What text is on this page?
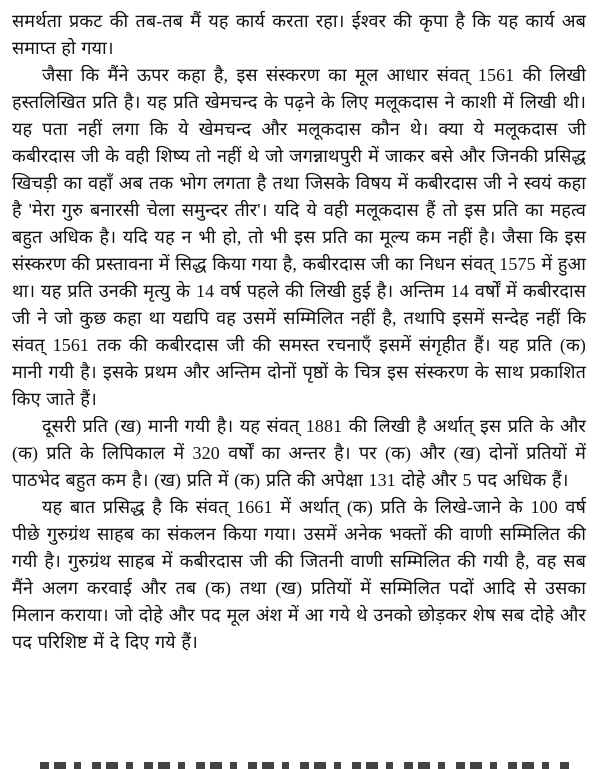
समर्थता प्रकट की तब-तब मैं यह कार्य करता रहा। ईश्वर की कृपा है कि यह कार्य अब समाप्त हो गया।

जैसा कि मैंने ऊपर कहा है, इस संस्करण का मूल आधार संवत् 1561 की लिखी हस्तलिखित प्रति है। यह प्रति खेमचन्द के पढ़ने के लिए मलूकदास ने काशी में लिखी थी। यह पता नहीं लगा कि ये खेमचन्द और मलूकदास कौन थे। क्या ये मलूकदास जी कबीरदास जी के वही शिष्य तो नहीं थे जो जगन्नाथपुरी में जाकर बसे और जिनकी प्रसिद्ध खिचड़ी का वहाँ अब तक भोग लगता है तथा जिसके विषय में कबीरदास जी ने स्वयं कहा है 'मेरा गुरु बनारसी चेला समुन्दर तीर'। यदि ये वही मलूकदास हैं तो इस प्रति का महत्व बहुत अधिक है। यदि यह न भी हो, तो भी इस प्रति का मूल्य कम नहीं है। जैसा कि इस संस्करण की प्रस्तावना में सिद्ध किया गया है, कबीरदास जी का निधन संवत् 1575 में हुआ था। यह प्रति उनकी मृत्यु के 14 वर्ष पहले की लिखी हुई है। अन्तिम 14 वर्षों में कबीरदास जी ने जो कुछ कहा था यद्यपि वह उसमें सम्मिलित नहीं है, तथापि इसमें सन्देह नहीं कि संवत् 1561 तक की कबीरदास जी की समस्त रचनाएँ इसमें संगृहीत हैं। यह प्रति (क) मानी गयी है। इसके प्रथम और अन्तिम दोनों पृष्ठों के चित्र इस संस्करण के साथ प्रकाशित किए जाते हैं।

दूसरी प्रति (ख) मानी गयी है। यह संवत् 1881 की लिखी है अर्थात् इस प्रति के और (क) प्रति के लिपिकाल में 320 वर्षों का अन्तर है। पर (क) और (ख) दोनों प्रतियों में पाठभेद बहुत कम है। (ख) प्रति में (क) प्रति की अपेक्षा 131 दोहे और 5 पद अधिक हैं।

यह बात प्रसिद्ध है कि संवत् 1661 में अर्थात् (क) प्रति के लिखे-जाने के 100 वर्ष पीछे गुरुग्रंथ साहब का संकलन किया गया। उसमें अनेक भक्तों की वाणी सम्मिलित की गयी है। गुरुग्रंथ साहब में कबीरदास जी की जितनी वाणी सम्मिलित की गयी है, वह सब मैंने अलग करवाई और तब (क) तथा (ख) प्रतियों में सम्मिलित पदों आदि से उसका मिलान कराया। जो दोहे और पद मूल अंश में आ गये थे उनको छोड़कर शेष सब दोहे और पद परिशिष्ट में दे दिए गये हैं।
